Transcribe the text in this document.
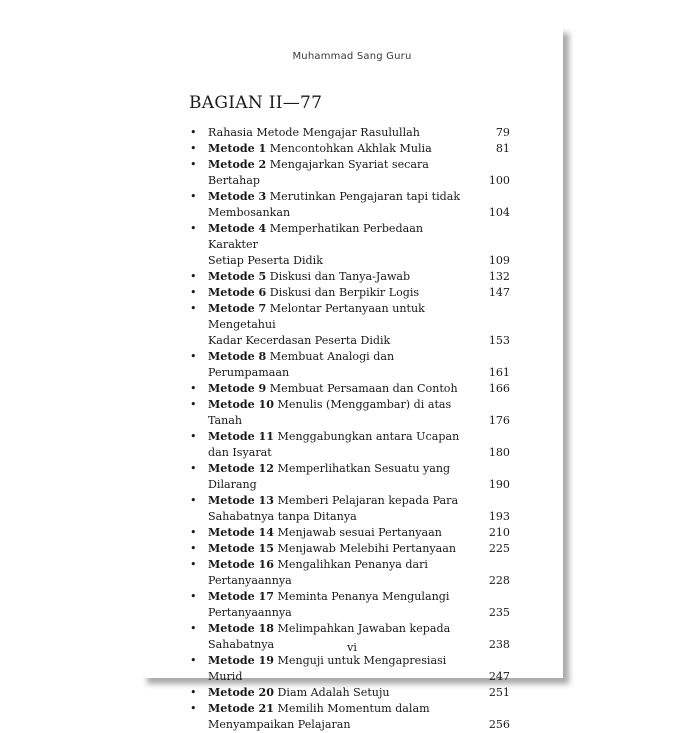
Muhammad Sang Guru
BAGIAN II—77
•	Rahasia Metode Mengajar Rasulullah	79
•	Metode 1 Mencontohkan Akhlak Mulia	81
•	Metode 2 Mengajarkan Syariat secara Bertahap	100
•	Metode 3 Merutinkan Pengajaran tapi tidak
Membosankan	104
•	Metode 4 Memperhatikan Perbedaan Karakter
Setiap Peserta Didik	109
•	Metode 5 Diskusi dan Tanya-Jawab	132
•	Metode 6 Diskusi dan Berpikir Logis	147
•	Metode 7 Melontar Pertanyaan untuk Mengetahui
Kadar Kecerdasan Peserta Didik	153
•	Metode 8 Membuat Analogi dan Perumpamaan	161
•	Metode 9 Membuat Persamaan dan Contoh	166
•	Metode 10 Menulis (Menggambar) di atas Tanah	176
•	Metode 11 Menggabungkan antara Ucapan
dan Isyarat	180
•	Metode 12 Memperlihatkan Sesuatu yang Dilarang	190
•	Metode 13 Memberi Pelajaran kepada Para
Sahabatnya tanpa Ditanya	193
•	Metode 14 Menjawab sesuai Pertanyaan	210
•	Metode 15 Menjawab Melebihi Pertanyaan	225
•	Metode 16 Mengalihkan Penanya dari
Pertanyaannya	228
•	Metode 17 Meminta Penanya Mengulangi
Pertanyaannya	235
•	Metode 18 Melimpahkan Jawaban kepada
Sahabatnya	238
•	Metode 19 Menguji untuk Mengapresiasi Murid	247
•	Metode 20 Diam Adalah Setuju	251
•	Metode 21 Memilih Momentum dalam
Menyampaikan Pelajaran	256
vi
